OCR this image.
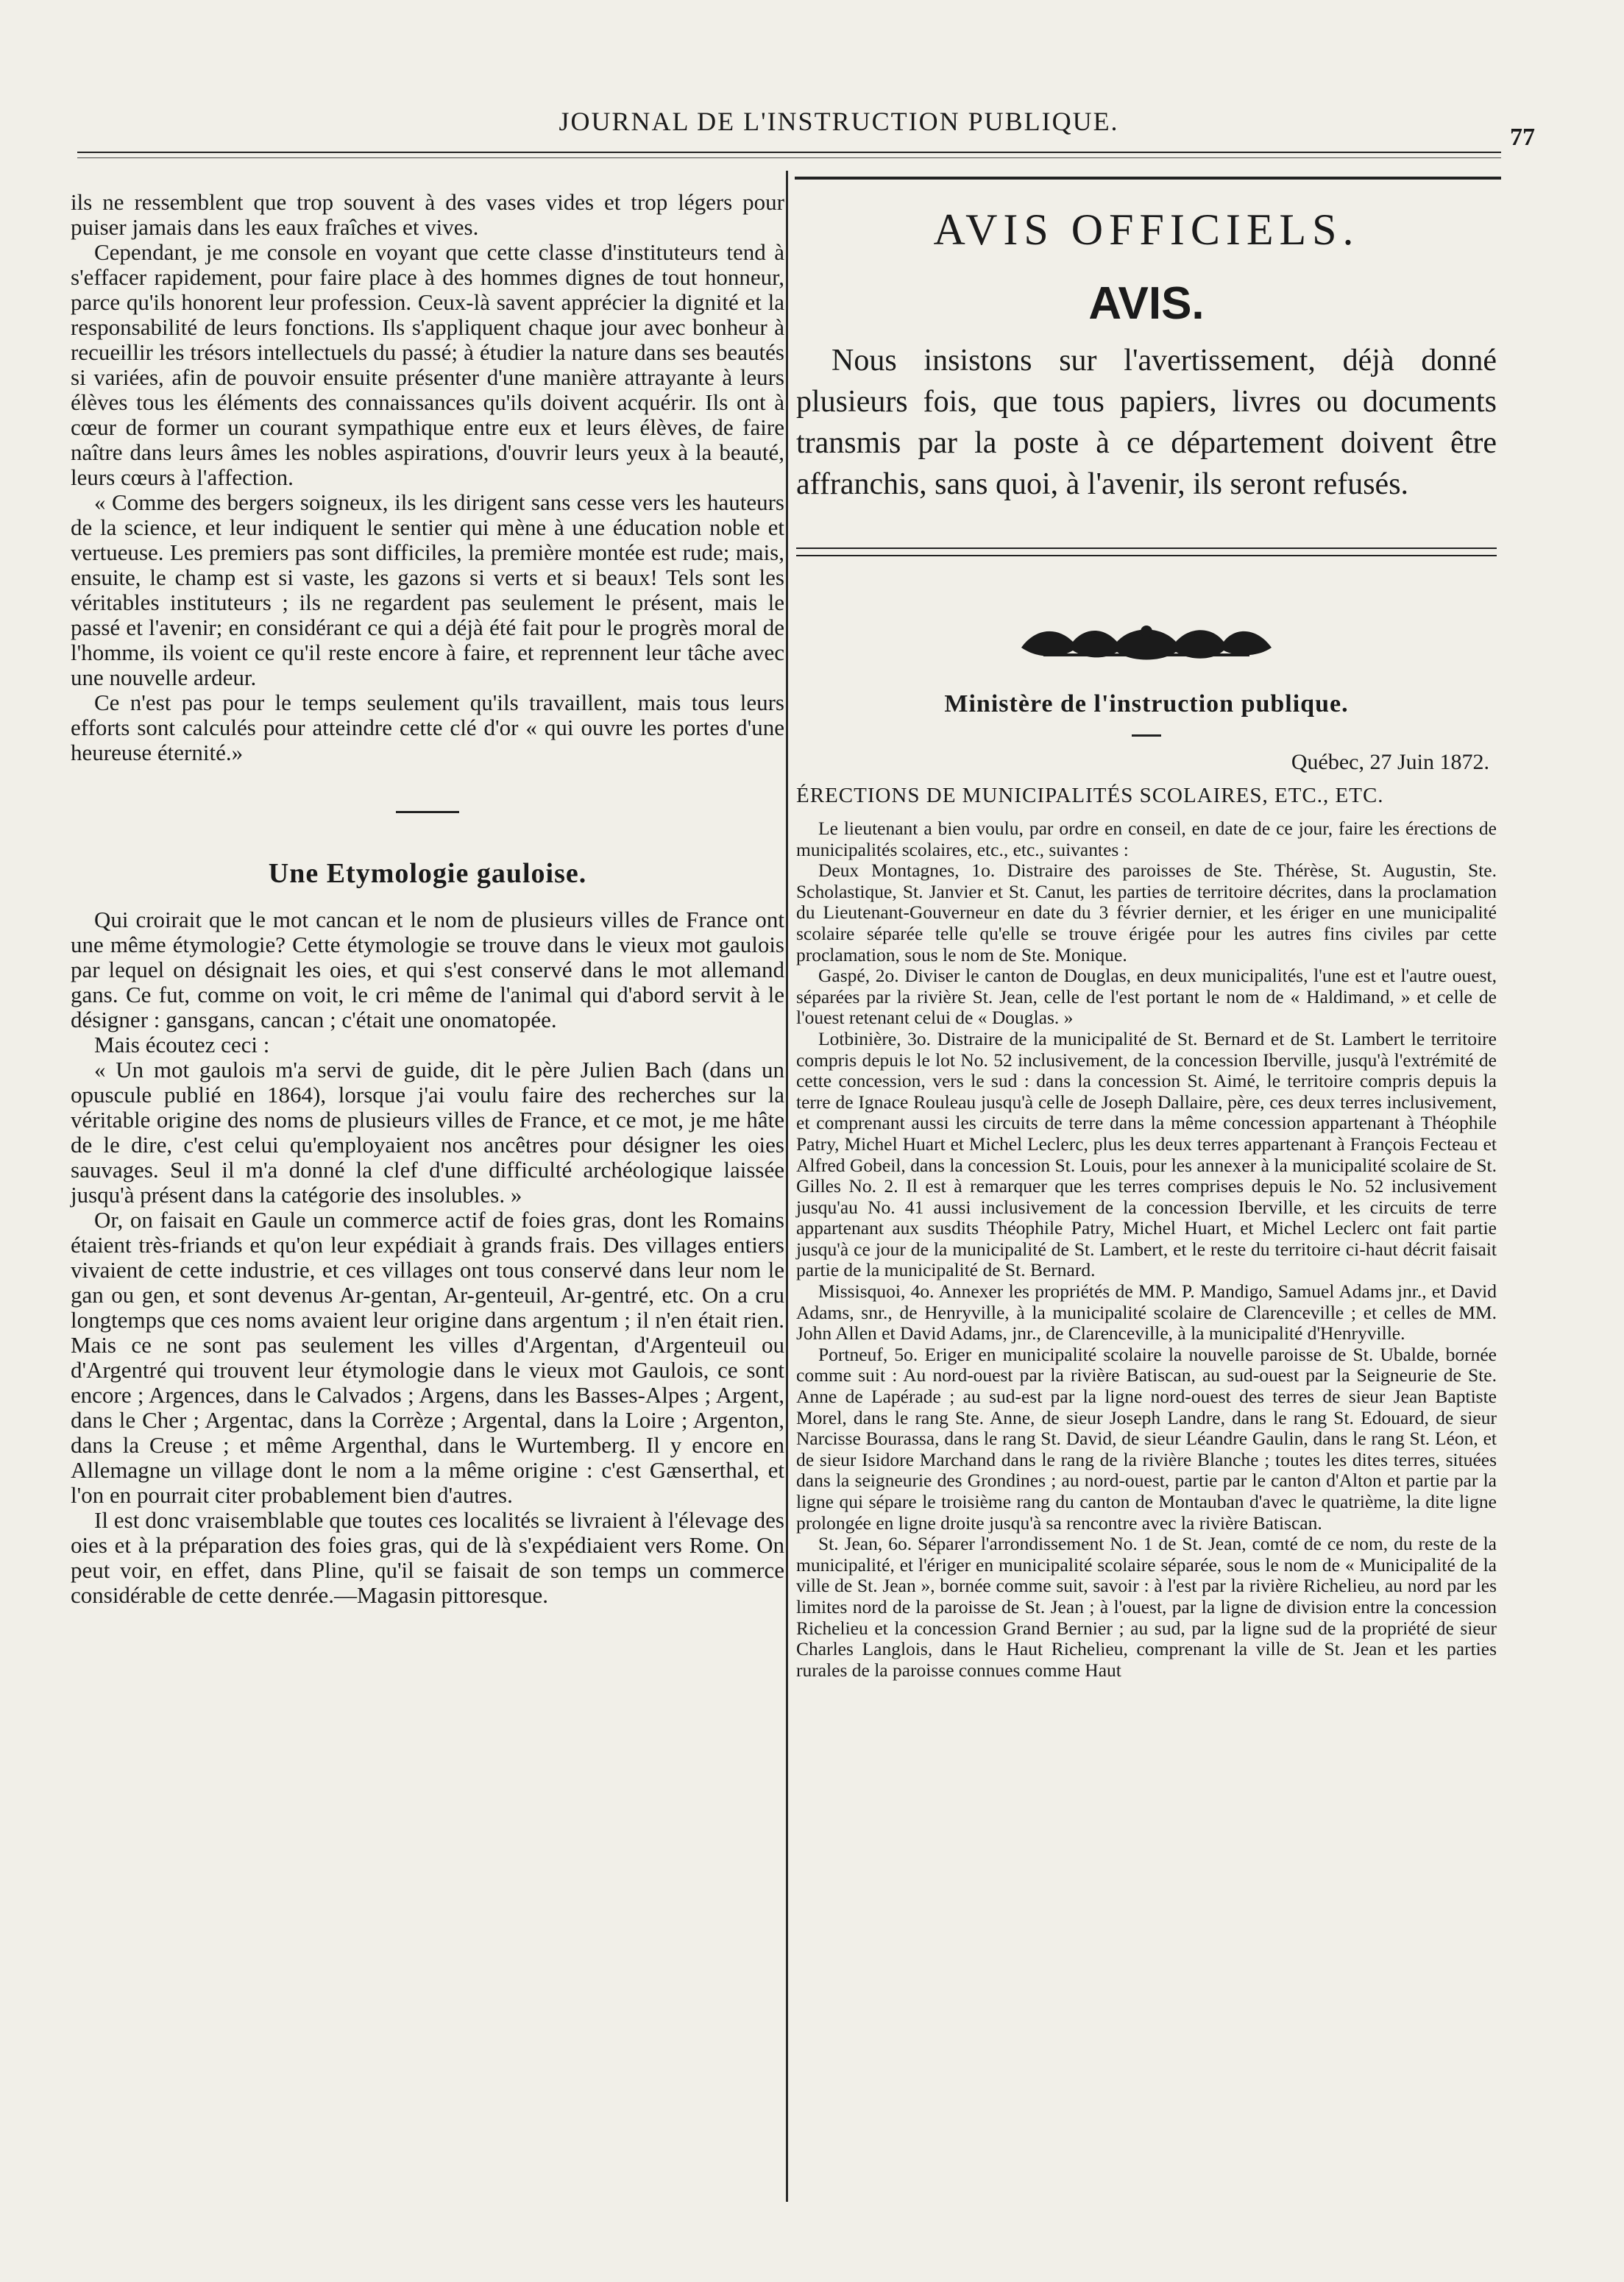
JOURNAL DE L'INSTRUCTION PUBLIQUE.
77

ils ne ressemblent que trop souvent à des vases vides et trop légers pour puiser jamais dans les eaux fraîches et vives.

Cependant, je me console en voyant que cette classe d'instituteurs tend à s'effacer rapidement, pour faire place à des hommes dignes de tout honneur, parce qu'ils honorent leur profession. Ceux-là savent apprécier la dignité et la responsabilité de leurs fonctions. Ils s'appliquent chaque jour avec bonheur à recueillir les trésors intellectuels du passé; à étudier la nature dans ses beautés si variées, afin de pouvoir ensuite présenter d'une manière attrayante à leurs élèves tous les éléments des connaissances qu'ils doivent acquérir. Ils ont à cœur de former un courant sympathique entre eux et leurs élèves, de faire naître dans leurs âmes les nobles aspirations, d'ouvrir leurs yeux à la beauté, leurs cœurs à l'affection.

« Comme des bergers soigneux, ils les dirigent sans cesse vers les hauteurs de la science, et leur indiquent le sentier qui mène à une éducation noble et vertueuse. Les premiers pas sont difficiles, la première montée est rude; mais, ensuite, le champ est si vaste, les gazons si verts et si beaux! Tels sont les véritables instituteurs ; ils ne regardent pas seulement le présent, mais le passé et l'avenir; en considérant ce qui a déjà été fait pour le progrès moral de l'homme, ils voient ce qu'il reste encore à faire, et reprennent leur tâche avec une nouvelle ardeur.

Ce n'est pas pour le temps seulement qu'ils travaillent, mais tous leurs efforts sont calculés pour atteindre cette clé d'or « qui ouvre les portes d'une heureuse éternité.»

Une Etymologie gauloise.

Qui croirait que le mot cancan et le nom de plusieurs villes de France ont une même étymologie? Cette étymologie se trouve dans le vieux mot gaulois par lequel on désignait les oies, et qui s'est conservé dans le mot allemand gans. Ce fut, comme on voit, le cri même de l'animal qui d'abord servit à le désigner : gansgans, cancan ; c'était une onomatopée.

Mais écoutez ceci :

« Un mot gaulois m'a servi de guide, dit le père Julien Bach (dans un opuscule publié en 1864), lorsque j'ai voulu faire des recherches sur la véritable origine des noms de plusieurs villes de France, et ce mot, je me hâte de le dire, c'est celui qu'employaient nos ancêtres pour désigner les oies sauvages. Seul il m'a donné la clef d'une difficulté archéologique laissée jusqu'à présent dans la catégorie des insolubles. »

Or, on faisait en Gaule un commerce actif de foies gras, dont les Romains étaient très-friands et qu'on leur expédiait à grands frais. Des villages entiers vivaient de cette industrie, et ces villages ont tous conservé dans leur nom le gan ou gen, et sont devenus Ar-gentan, Ar-genteuil, Ar-gentré, etc. On a cru longtemps que ces noms avaient leur origine dans argentum ; il n'en était rien. Mais ce ne sont pas seulement les villes d'Argentan, d'Argenteuil ou d'Argentré qui trouvent leur étymologie dans le vieux mot Gaulois, ce sont encore ; Argences, dans le Calvados ; Argens, dans les Basses-Alpes ; Argent, dans le Cher ; Argentac, dans la Corrèze ; Argental, dans la Loire ; Argenton, dans la Creuse ; et même Argenthal, dans le Wurtemberg. Il y encore en Allemagne un village dont le nom a la même origine : c'est Gænserthal, et l'on en pourrait citer probablement bien d'autres.

Il est donc vraisemblable que toutes ces localités se livraient à l'élevage des oies et à la préparation des foies gras, qui de là s'expédiaient vers Rome. On peut voir, en effet, dans Pline, qu'il se faisait de son temps un commerce considérable de cette denrée.—Magasin pittoresque.

AVIS OFFICIELS.
AVIS.

Nous insistons sur l'avertissement, déjà donné plusieurs fois, que tous papiers, livres ou documents transmis par la poste à ce département doivent être affranchis, sans quoi, à l'avenir, ils seront refusés.

Ministère de l'instruction publique.
Québec, 27 Juin 1872.
ÉRECTIONS DE MUNICIPALITÉS SCOLAIRES, ETC., ETC.

Le lieutenant a bien voulu, par ordre en conseil, en date de ce jour, faire les érections de municipalités scolaires, etc., etc., suivantes :

Deux Montagnes, 1o. Distraire des paroisses de Ste. Thérèse, St. Augustin, Ste. Scholastique, St. Janvier et St. Canut, les parties de territoire décrites, dans la proclamation du Lieutenant-Gouverneur en date du 3 février dernier, et les ériger en une municipalité scolaire séparée telle qu'elle se trouve érigée pour les autres fins civiles par cette proclamation, sous le nom de Ste. Monique.

Gaspé, 2o. Diviser le canton de Douglas, en deux municipalités, l'une est et l'autre ouest, séparées par la rivière St. Jean, celle de l'est portant le nom de « Haldimand, » et celle de l'ouest retenant celui de « Douglas. »

Lotbinière, 3o. Distraire de la municipalité de St. Bernard et de St. Lambert le territoire compris depuis le lot No. 52 inclusivement, de la concession Iberville, jusqu'à l'extrémité de cette concession, vers le sud : dans la concession St. Aimé, le territoire compris depuis la terre de Ignace Rouleau jusqu'à celle de Joseph Dallaire, père, ces deux terres inclusivement, et comprenant aussi les circuits de terre dans la même concession appartenant à Théophile Patry, Michel Huart et Michel Leclerc, plus les deux terres appartenant à François Fecteau et Alfred Gobeil, dans la concession St. Louis, pour les annexer à la municipalité scolaire de St. Gilles No. 2. Il est à remarquer que les terres comprises depuis le No. 52 inclusivement jusqu'au No. 41 aussi inclusivement de la concession Iberville, et les circuits de terre appartenant aux susdits Théophile Patry, Michel Huart, et Michel Leclerc ont fait partie jusqu'à ce jour de la municipalité de St. Lambert, et le reste du territoire ci-haut décrit faisait partie de la municipalité de St. Bernard.

Missisquoi, 4o. Annexer les propriétés de MM. P. Mandigo, Samuel Adams jnr., et David Adams, snr., de Henryville, à la municipalité scolaire de Clarenceville ; et celles de MM. John Allen et David Adams, jnr., de Clarenceville, à la municipalité d'Henryville.

Portneuf, 5o. Eriger en municipalité scolaire la nouvelle paroisse de St. Ubalde, bornée comme suit : Au nord-ouest par la rivière Batiscan, au sud-ouest par la Seigneurie de Ste. Anne de Lapérade ; au sud-est par la ligne nord-ouest des terres de sieur Jean Baptiste Morel, dans le rang Ste. Anne, de sieur Joseph Landre, dans le rang St. Edouard, de sieur Narcisse Bourassa, dans le rang St. David, de sieur Léandre Gaulin, dans le rang St. Léon, et de sieur Isidore Marchand dans le rang de la rivière Blanche ; toutes les dites terres, situées dans la seigneurie des Grondines ; au nord-ouest, partie par le canton d'Alton et partie par la ligne qui sépare le troisième rang du canton de Montauban d'avec le quatrième, la dite ligne prolongée en ligne droite jusqu'à sa rencontre avec la rivière Batiscan.

St. Jean, 6o. Séparer l'arrondissement No. 1 de St. Jean, comté de ce nom, du reste de la municipalité, et l'ériger en municipalité scolaire séparée, sous le nom de « Municipalité de la ville de St. Jean », bornée comme suit, savoir : à l'est par la rivière Richelieu, au nord par les limites nord de la paroisse de St. Jean ; à l'ouest, par la ligne de division entre la concession Richelieu et la concession Grand Bernier ; au sud, par la ligne sud de la propriété de sieur Charles Langlois, dans le Haut Richelieu, comprenant la ville de St. Jean et les parties rurales de la paroisse connues comme Haut
